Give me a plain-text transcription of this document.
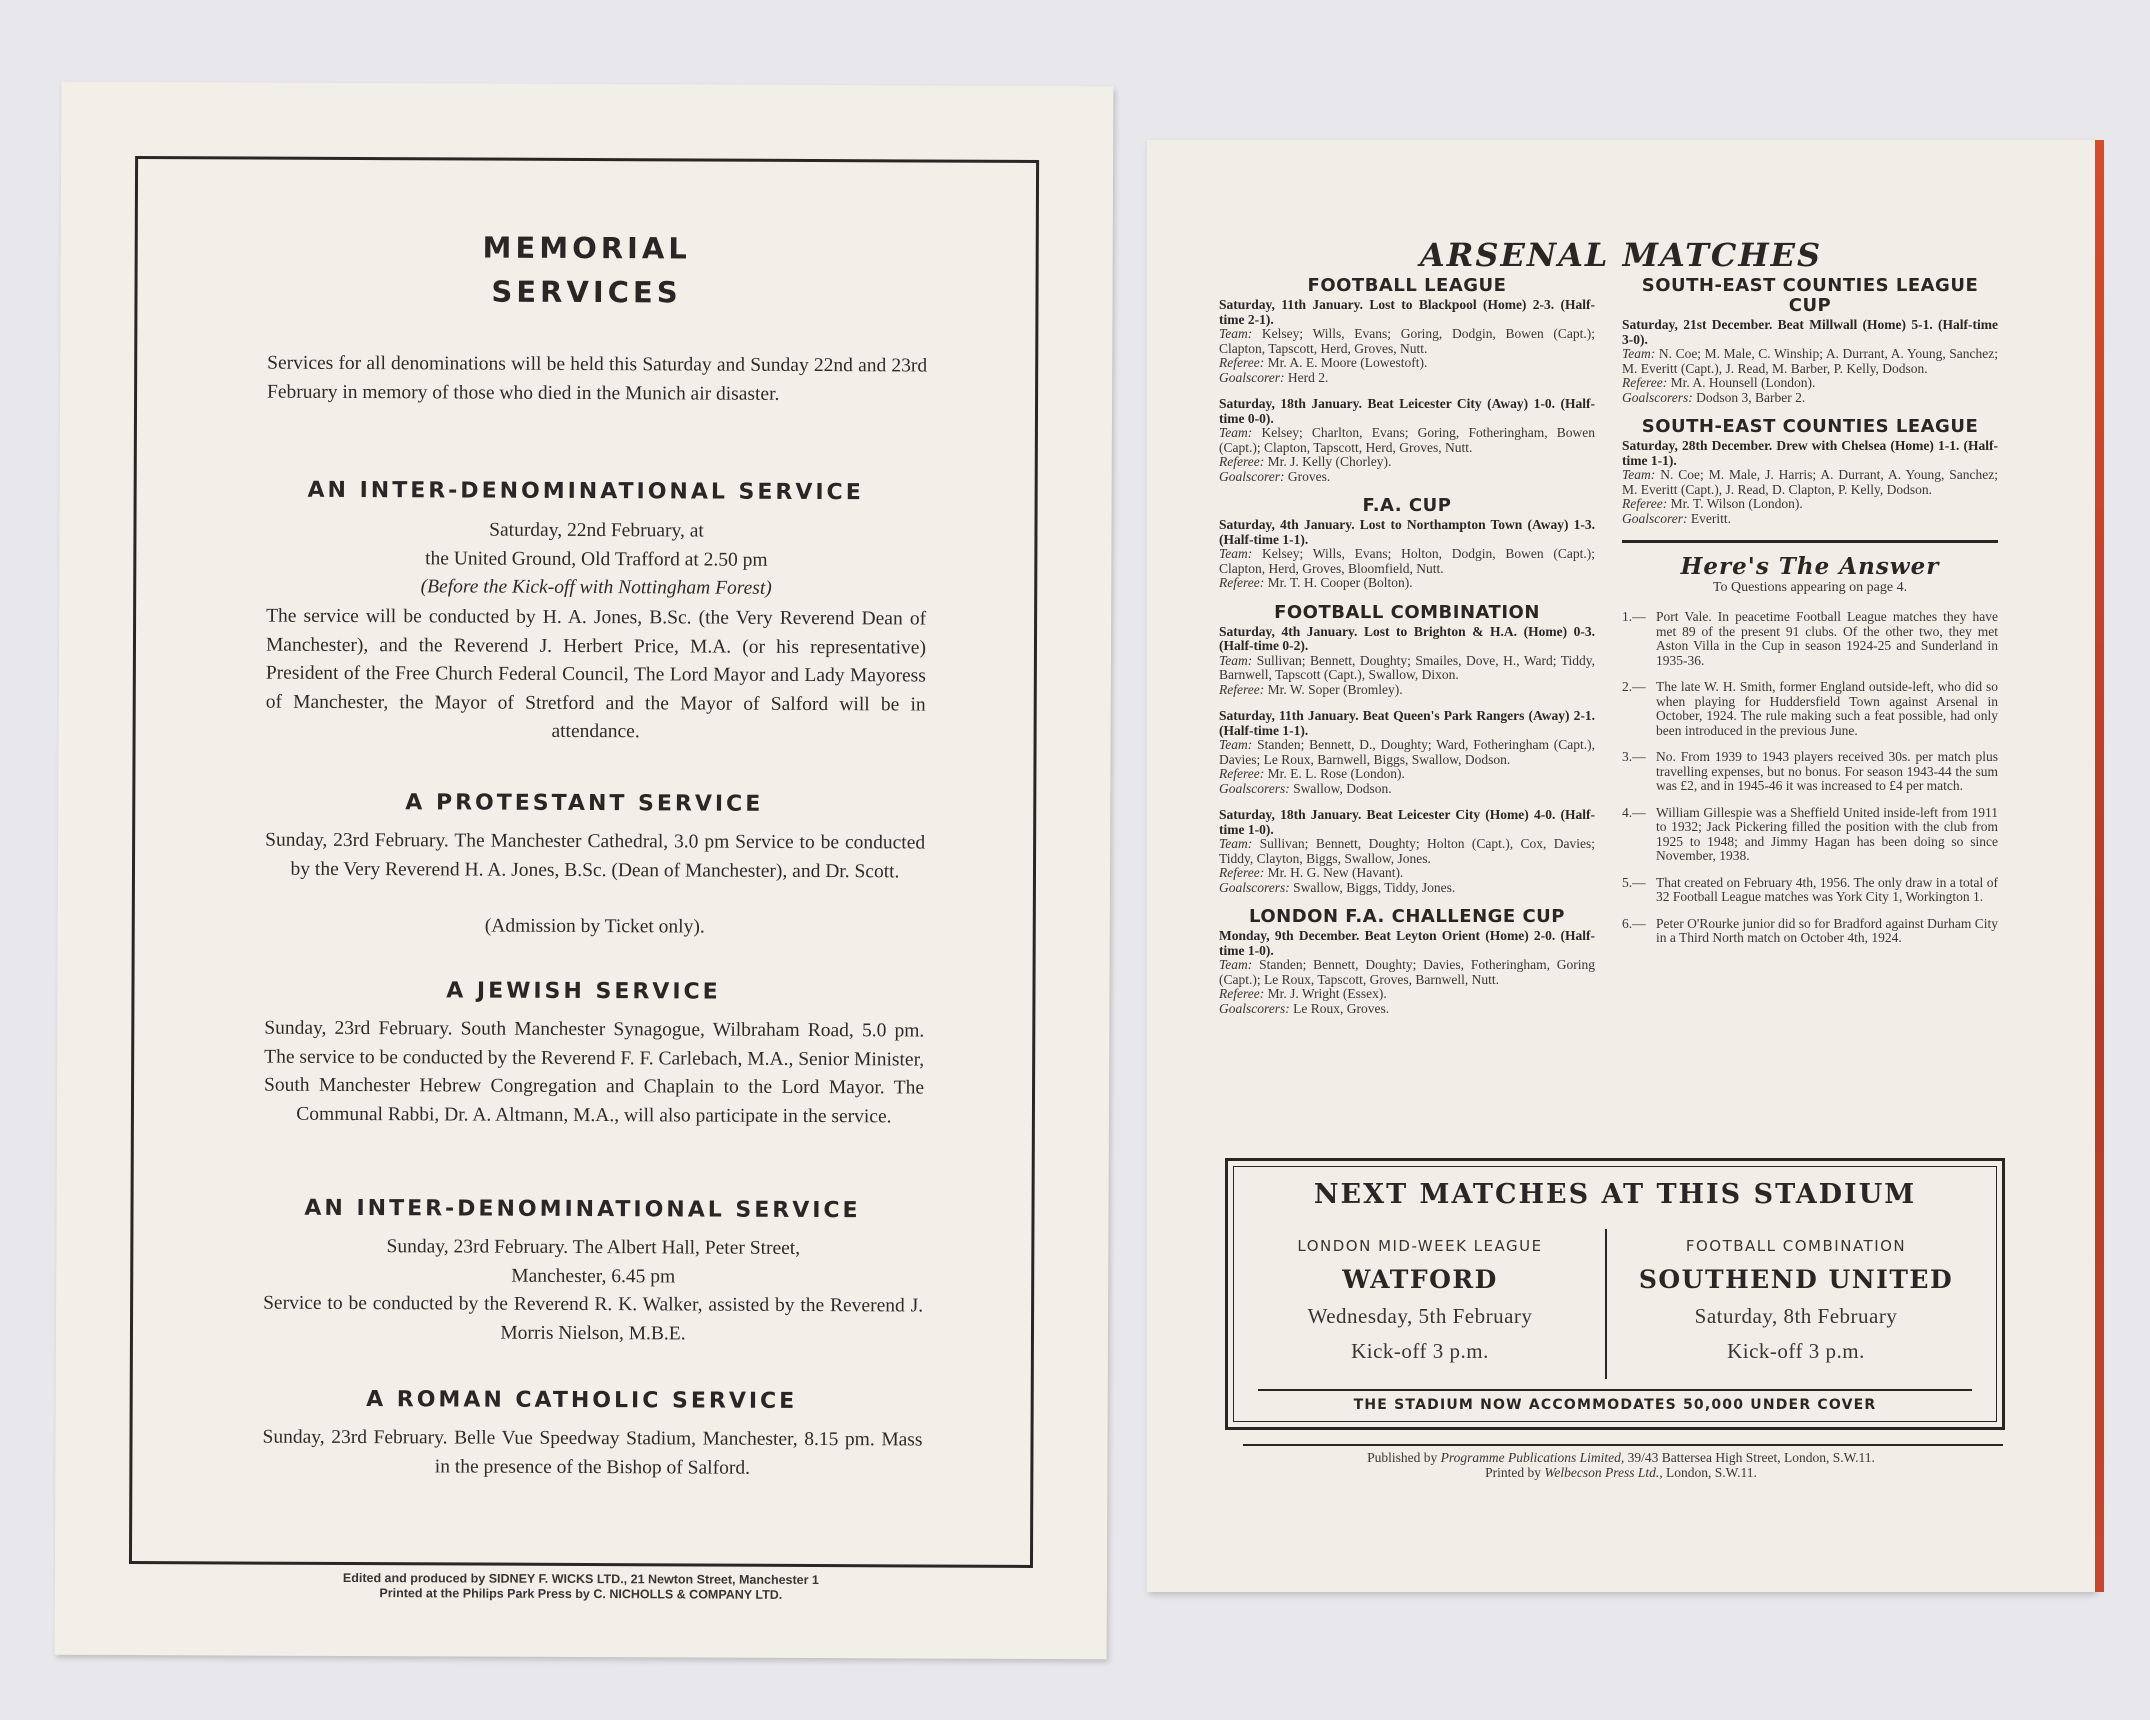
MEMORIAL
SERVICES
Services for all denominations will be held this Saturday and Sunday 22nd and 23rd February in memory of those who died in the Munich air disaster.
AN INTER-DENOMINATIONAL SERVICE
Saturday, 22nd February, at
the United Ground, Old Trafford at 2.50 pm
(Before the Kick-off with Nottingham Forest)
The service will be conducted by H. A. Jones, B.Sc. (the Very Reverend Dean of Manchester), and the Reverend J. Herbert Price, M.A. (or his representative) President of the Free Church Federal Council, The Lord Mayor and Lady Mayoress of Manchester, the Mayor of Stretford and the Mayor of Salford will be in attendance.
A PROTESTANT SERVICE
Sunday, 23rd February. The Manchester Cathedral, 3.0 pm Service to be conducted by the Very Reverend H. A. Jones, B.Sc. (Dean of Manchester), and Dr. Scott.
(Admission by Ticket only).
A JEWISH SERVICE
Sunday, 23rd February. South Manchester Synagogue, Wilbraham Road, 5.0 pm. The service to be conducted by the Reverend F. F. Carlebach, M.A., Senior Minister, South Manchester Hebrew Congregation and Chaplain to the Lord Mayor. The Communal Rabbi, Dr. A. Altmann, M.A., will also participate in the service.
AN INTER-DENOMINATIONAL SERVICE
Sunday, 23rd February. The Albert Hall, Peter Street,
Manchester, 6.45 pm
Service to be conducted by the Reverend R. K. Walker, assisted by the Reverend J. Morris Nielson, M.B.E.
A ROMAN CATHOLIC SERVICE
Sunday, 23rd February. Belle Vue Speedway Stadium, Manchester, 8.15 pm. Mass in the presence of the Bishop of Salford.
Edited and produced by SIDNEY F. WICKS LTD., 21 Newton Street, Manchester 1
Printed at the Philips Park Press by C. NICHOLLS & COMPANY LTD.
ARSENAL MATCHES
FOOTBALL LEAGUE
Saturday, 11th January. Lost to Blackpool (Home) 2-3. (Half-time 2-1).
Team: Kelsey; Wills, Evans; Goring, Dodgin, Bowen (Capt.); Clapton, Tapscott, Herd, Groves, Nutt.
Referee: Mr. A. E. Moore (Lowestoft).
Goalscorer: Herd 2.
Saturday, 18th January. Beat Leicester City (Away) 1-0. (Half-time 0-0).
Team: Kelsey; Charlton, Evans; Goring, Fotheringham, Bowen (Capt.); Clapton, Tapscott, Herd, Groves, Nutt.
Referee: Mr. J. Kelly (Chorley).
Goalscorer: Groves.
F.A. CUP
Saturday, 4th January. Lost to Northampton Town (Away) 1-3. (Half-time 1-1).
Team: Kelsey; Wills, Evans; Holton, Dodgin, Bowen (Capt.); Clapton, Herd, Groves, Bloomfield, Nutt.
Referee: Mr. T. H. Cooper (Bolton).
FOOTBALL COMBINATION
Saturday, 4th January. Lost to Brighton & H.A. (Home) 0-3. (Half-time 0-2).
Team: Sullivan; Bennett, Doughty; Smailes, Dove, H., Ward; Tiddy, Barnwell, Tapscott (Capt.), Swallow, Dixon.
Referee: Mr. W. Soper (Bromley).
Saturday, 11th January. Beat Queen's Park Rangers (Away) 2-1. (Half-time 1-1).
Team: Standen; Bennett, D., Doughty; Ward, Fotheringham (Capt.), Davies; Le Roux, Barnwell, Biggs, Swallow, Dodson.
Referee: Mr. E. L. Rose (London).
Goalscorers: Swallow, Dodson.
Saturday, 18th January. Beat Leicester City (Home) 4-0. (Half-time 1-0).
Team: Sullivan; Bennett, Doughty; Holton (Capt.), Cox, Davies; Tiddy, Clayton, Biggs, Swallow, Jones.
Referee: Mr. H. G. New (Havant).
Goalscorers: Swallow, Biggs, Tiddy, Jones.
LONDON F.A. CHALLENGE CUP
Monday, 9th December. Beat Leyton Orient (Home) 2-0. (Half-time 1-0).
Team: Standen; Bennett, Doughty; Davies, Fotheringham, Goring (Capt.); Le Roux, Tapscott, Groves, Barnwell, Nutt.
Referee: Mr. J. Wright (Essex).
Goalscorers: Le Roux, Groves.
SOUTH-EAST COUNTIES LEAGUE
CUP
Saturday, 21st December. Beat Millwall (Home) 5-1. (Half-time 3-0).
Team: N. Coe; M. Male, C. Winship; A. Durrant, A. Young, Sanchez; M. Everitt (Capt.), J. Read, M. Barber, P. Kelly, Dodson.
Referee: Mr. A. Hounsell (London).
Goalscorers: Dodson 3, Barber 2.
SOUTH-EAST COUNTIES LEAGUE
Saturday, 28th December. Drew with Chelsea (Home) 1-1. (Half-time 1-1).
Team: N. Coe; M. Male, J. Harris; A. Durrant, A. Young, Sanchez; M. Everitt (Capt.), J. Read, D. Clapton, P. Kelly, Dodson.
Referee: Mr. T. Wilson (London).
Goalscorer: Everitt.
Here's The Answer
To Questions appearing on page 4.
1.— Port Vale. In peacetime Football League matches they have met 89 of the present 91 clubs. Of the other two, they met Aston Villa in the Cup in season 1924-25 and Sunderland in 1935-36.
2.— The late W. H. Smith, former England outside-left, who did so when playing for Huddersfield Town against Arsenal in October, 1924. The rule making such a feat possible, had only been introduced in the previous June.
3.— No. From 1939 to 1943 players received 30s. per match plus travelling expenses, but no bonus. For season 1943-44 the sum was £2, and in 1945-46 it was increased to £4 per match.
4.— William Gillespie was a Sheffield United inside-left from 1911 to 1932; Jack Pickering filled the position with the club from 1925 to 1948; and Jimmy Hagan has been doing so since November, 1938.
5.— That created on February 4th, 1956. The only draw in a total of 32 Football League matches was York City 1, Workington 1.
6.— Peter O'Rourke junior did so for Bradford against Durham City in a Third North match on October 4th, 1924.
NEXT MATCHES AT THIS STADIUM
LONDON MID-WEEK LEAGUE
WATFORD
Wednesday, 5th February
Kick-off 3 p.m.
FOOTBALL COMBINATION
SOUTHEND UNITED
Saturday, 8th February
Kick-off 3 p.m.
THE STADIUM NOW ACCOMMODATES 50,000 UNDER COVER
Published by Programme Publications Limited, 39/43 Battersea High Street, London, S.W.11.
Printed by Welbecson Press Ltd., London, S.W.11.
